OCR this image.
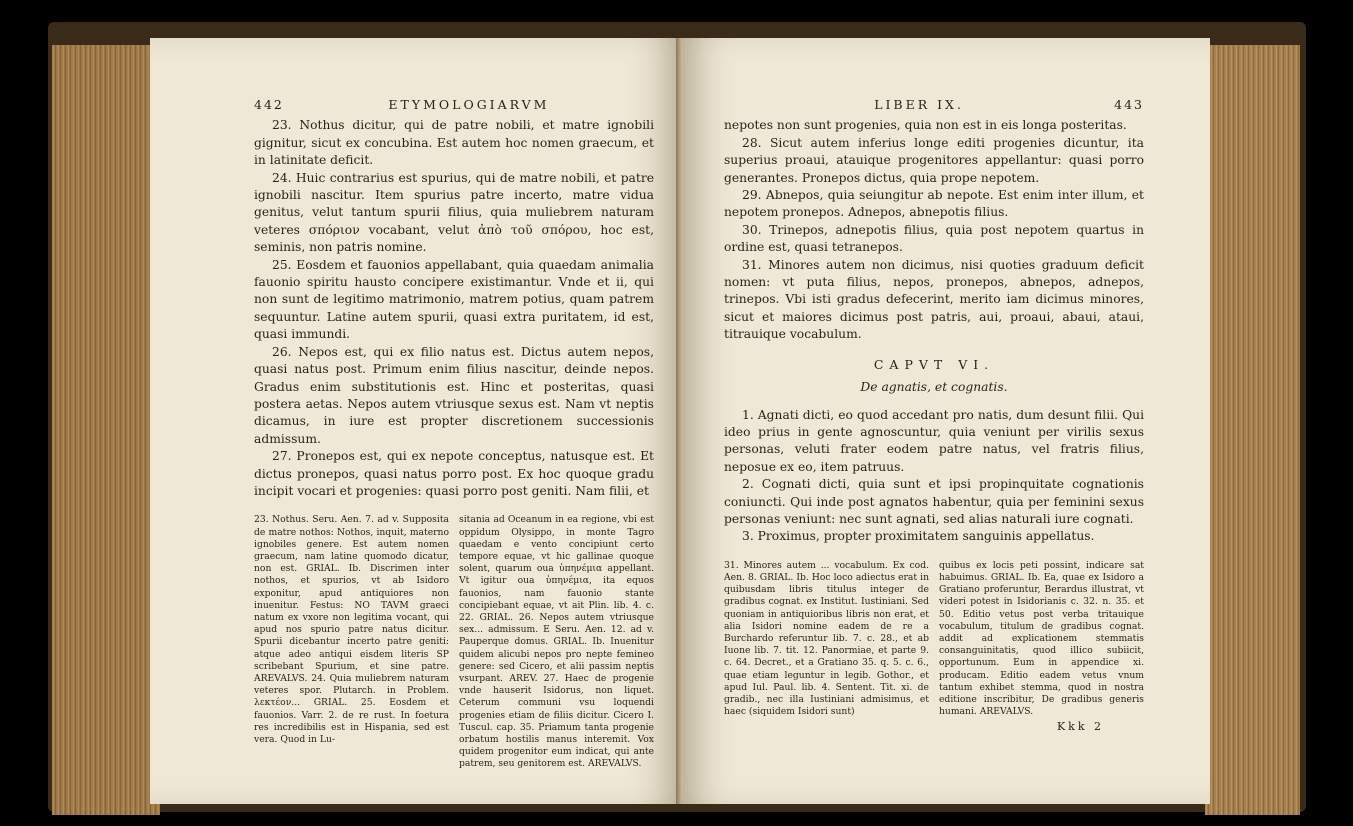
442	ETYMOLOGIARVM

23. Nothus dicitur, qui de patre nobili, et matre ignobili gignitur, sicut ex concubina. Est autem hoc nomen graecum, et in latinitate deficit.

24. Huic contrarius est spurius, qui de matre nobili, et patre ignobili nascitur. Item spurius patre incerto, matre vidua genitus, velut tantum spurii filius, quia muliebrem naturam veteres σπόριον vocabant, velut ἀπὸ τοῦ σπόρου, hoc est, seminis, non patris nomine.

25. Eosdem et fauonios appellabant, quia quaedam animalia fauonio spiritu hausto concipere existimantur. Vnde et ii, qui non sunt de legitimo matrimonio, matrem potius, quam patrem sequuntur. Latine autem spurii, quasi extra puritatem, id est, quasi immundi.

26. Nepos est, qui ex filio natus est. Dictus autem nepos, quasi natus post. Primum enim filius nascitur, deinde nepos. Gradus enim substitutionis est. Hinc et posteritas, quasi postera aetas. Nepos autem vtriusque sexus est. Nam vt neptis dicamus, in iure est propter discretionem successionis admissum.

27. Pronepos est, qui ex nepote conceptus, natusque est. Et dictus pronepos, quasi natus porro post. Ex hoc quoque gradu incipit vocari et progenies: quasi porro post geniti. Nam filii, et

23. Nothus. Seru. Aen. 7. ad v. Supposita de matre nothos: Nothos, inquit, materno ignobiles genere. Est autem nomen graecum, nam latine quomodo dicatur, non est. GRIAL. Ib. Discrimen inter nothos, et spurios, vt ab Isidoro exponitur, apud antiquiores non inuenitur. Festus: NO TAVM graeci natum ex vxore non legitima vocant, qui apud nos spurio patre natus dicitur. Spurii dicebantur incerto patre geniti: atque adeo antiqui eisdem literis SP scribebant Spurium, et sine patre. AREVALVS. 24. Quia muliebrem naturam veteres spor. Plutarch. in Problem. λεκτέον... GRIAL. 25. Eosdem et fauonios. Varr. 2. de re rust. In foetura res incredibilis est in Hispania, sed est vera. Quod in Lu-
sitania ad Oceanum in ea regione, vbi est oppidum Olysippo, in monte Tagro quaedam e vento concipiunt certo tempore equae, vt hic gallinae quoque solent, quarum oua ὑπηνέμια appellant. Vt igitur oua ὑπηνέμια, ita equos fauonios, nam fauonio stante concipiebant equae, vt ait Plin. lib. 4. c. 22. GRIAL. 26. Nepos autem vtriusque sex... admissum. E Seru. Aen. 12. ad v. Pauperque domus. GRIAL. Ib. Inuenitur quidem alicubi nepos pro nepte femineo genere: sed Cicero, et alii passim neptis vsurpant. AREV. 27. Haec de progenie vnde hauserit Isidorus, non liquet. Ceterum communi vsu loquendi progenies etiam de filiis dicitur. Cicero I. Tuscul. cap. 35. Priamum tanta progenie orbatum hostilis manus interemit. Vox quidem progenitor eum indicat, qui ante patrem, seu genitorem est. AREVALVS.
LIBER IX.	443

nepotes non sunt progenies, quia non est in eis longa posteritas.

28. Sicut autem inferius longe editi progenies dicuntur, ita superius proaui, atauique progenitores appellantur: quasi porro generantes. Pronepos dictus, quia prope nepotem.

29. Abnepos, quia seiungitur ab nepote. Est enim inter illum, et nepotem pronepos. Adnepos, abnepotis filius.

30. Trinepos, adnepotis filius, quia post nepotem quartus in ordine est, quasi tetranepos.

31. Minores autem non dicimus, nisi quoties graduum deficit nomen: vt puta filius, nepos, pronepos, abnepos, adnepos, trinepos. Vbi isti gradus defecerint, merito iam dicimus minores, sicut et maiores dicimus post patris, aui, proaui, abaui, ataui, titrauique vocabulum.

CAPVT VI.
De agnatis, et cognatis.

1. Agnati dicti, eo quod accedant pro natis, dum desunt filii. Qui ideo prius in gente agnoscuntur, quia veniunt per virilis sexus personas, veluti frater eodem patre natus, vel fratris filius, neposue ex eo, item patruus.

2. Cognati dicti, quia sunt et ipsi propinquitate cognationis coniuncti. Qui inde post agnatos habentur, quia per feminini sexus personas veniunt: nec sunt agnati, sed alias naturali iure cognati.

3. Proximus, propter proximitatem sanguinis appellatus.

31. Minores autem ... vocabulum. Ex cod. Aen. 8. GRIAL. Ib. Hoc loco adiectus erat in quibusdam libris titulus integer de gradibus cognat. ex Institut. Iustiniani. Sed quoniam in antiquioribus libris non erat, et alia Isidori nomine eadem de re a Burchardo referuntur lib. 7. c. 28., et ab Iuone lib. 7. tit. 12. Panormiae, et parte 9. c. 64. Decret., et a Gratiano 35. q. 5. c. 6., quae etiam leguntur in legib. Gothor., et apud Iul. Paul. lib. 4. Sentent. Tit. xi. de gradib., nec illa Iustiniani admisimus, et haec (siquidem Isidori sunt)
quibus ex locis peti possint, indicare sat habuimus. GRIAL. Ib. Ea, quae ex Isidoro a Gratiano proferuntur, Berardus illustrat, vt videri potest in Isidorianis c. 32. n. 35. et 50. Editio vetus post verba tritauique vocabulum, titulum de gradibus cognat. addit ad explicationem stemmatis consanguinitatis, quod illico subiicit, opportunum. Eum in appendice xi. producam. Editio eadem vetus vnum tantum exhibet stemma, quod in nostra editione inscribitur, De gradibus generis humani. AREVALVS.
Kkk 2
